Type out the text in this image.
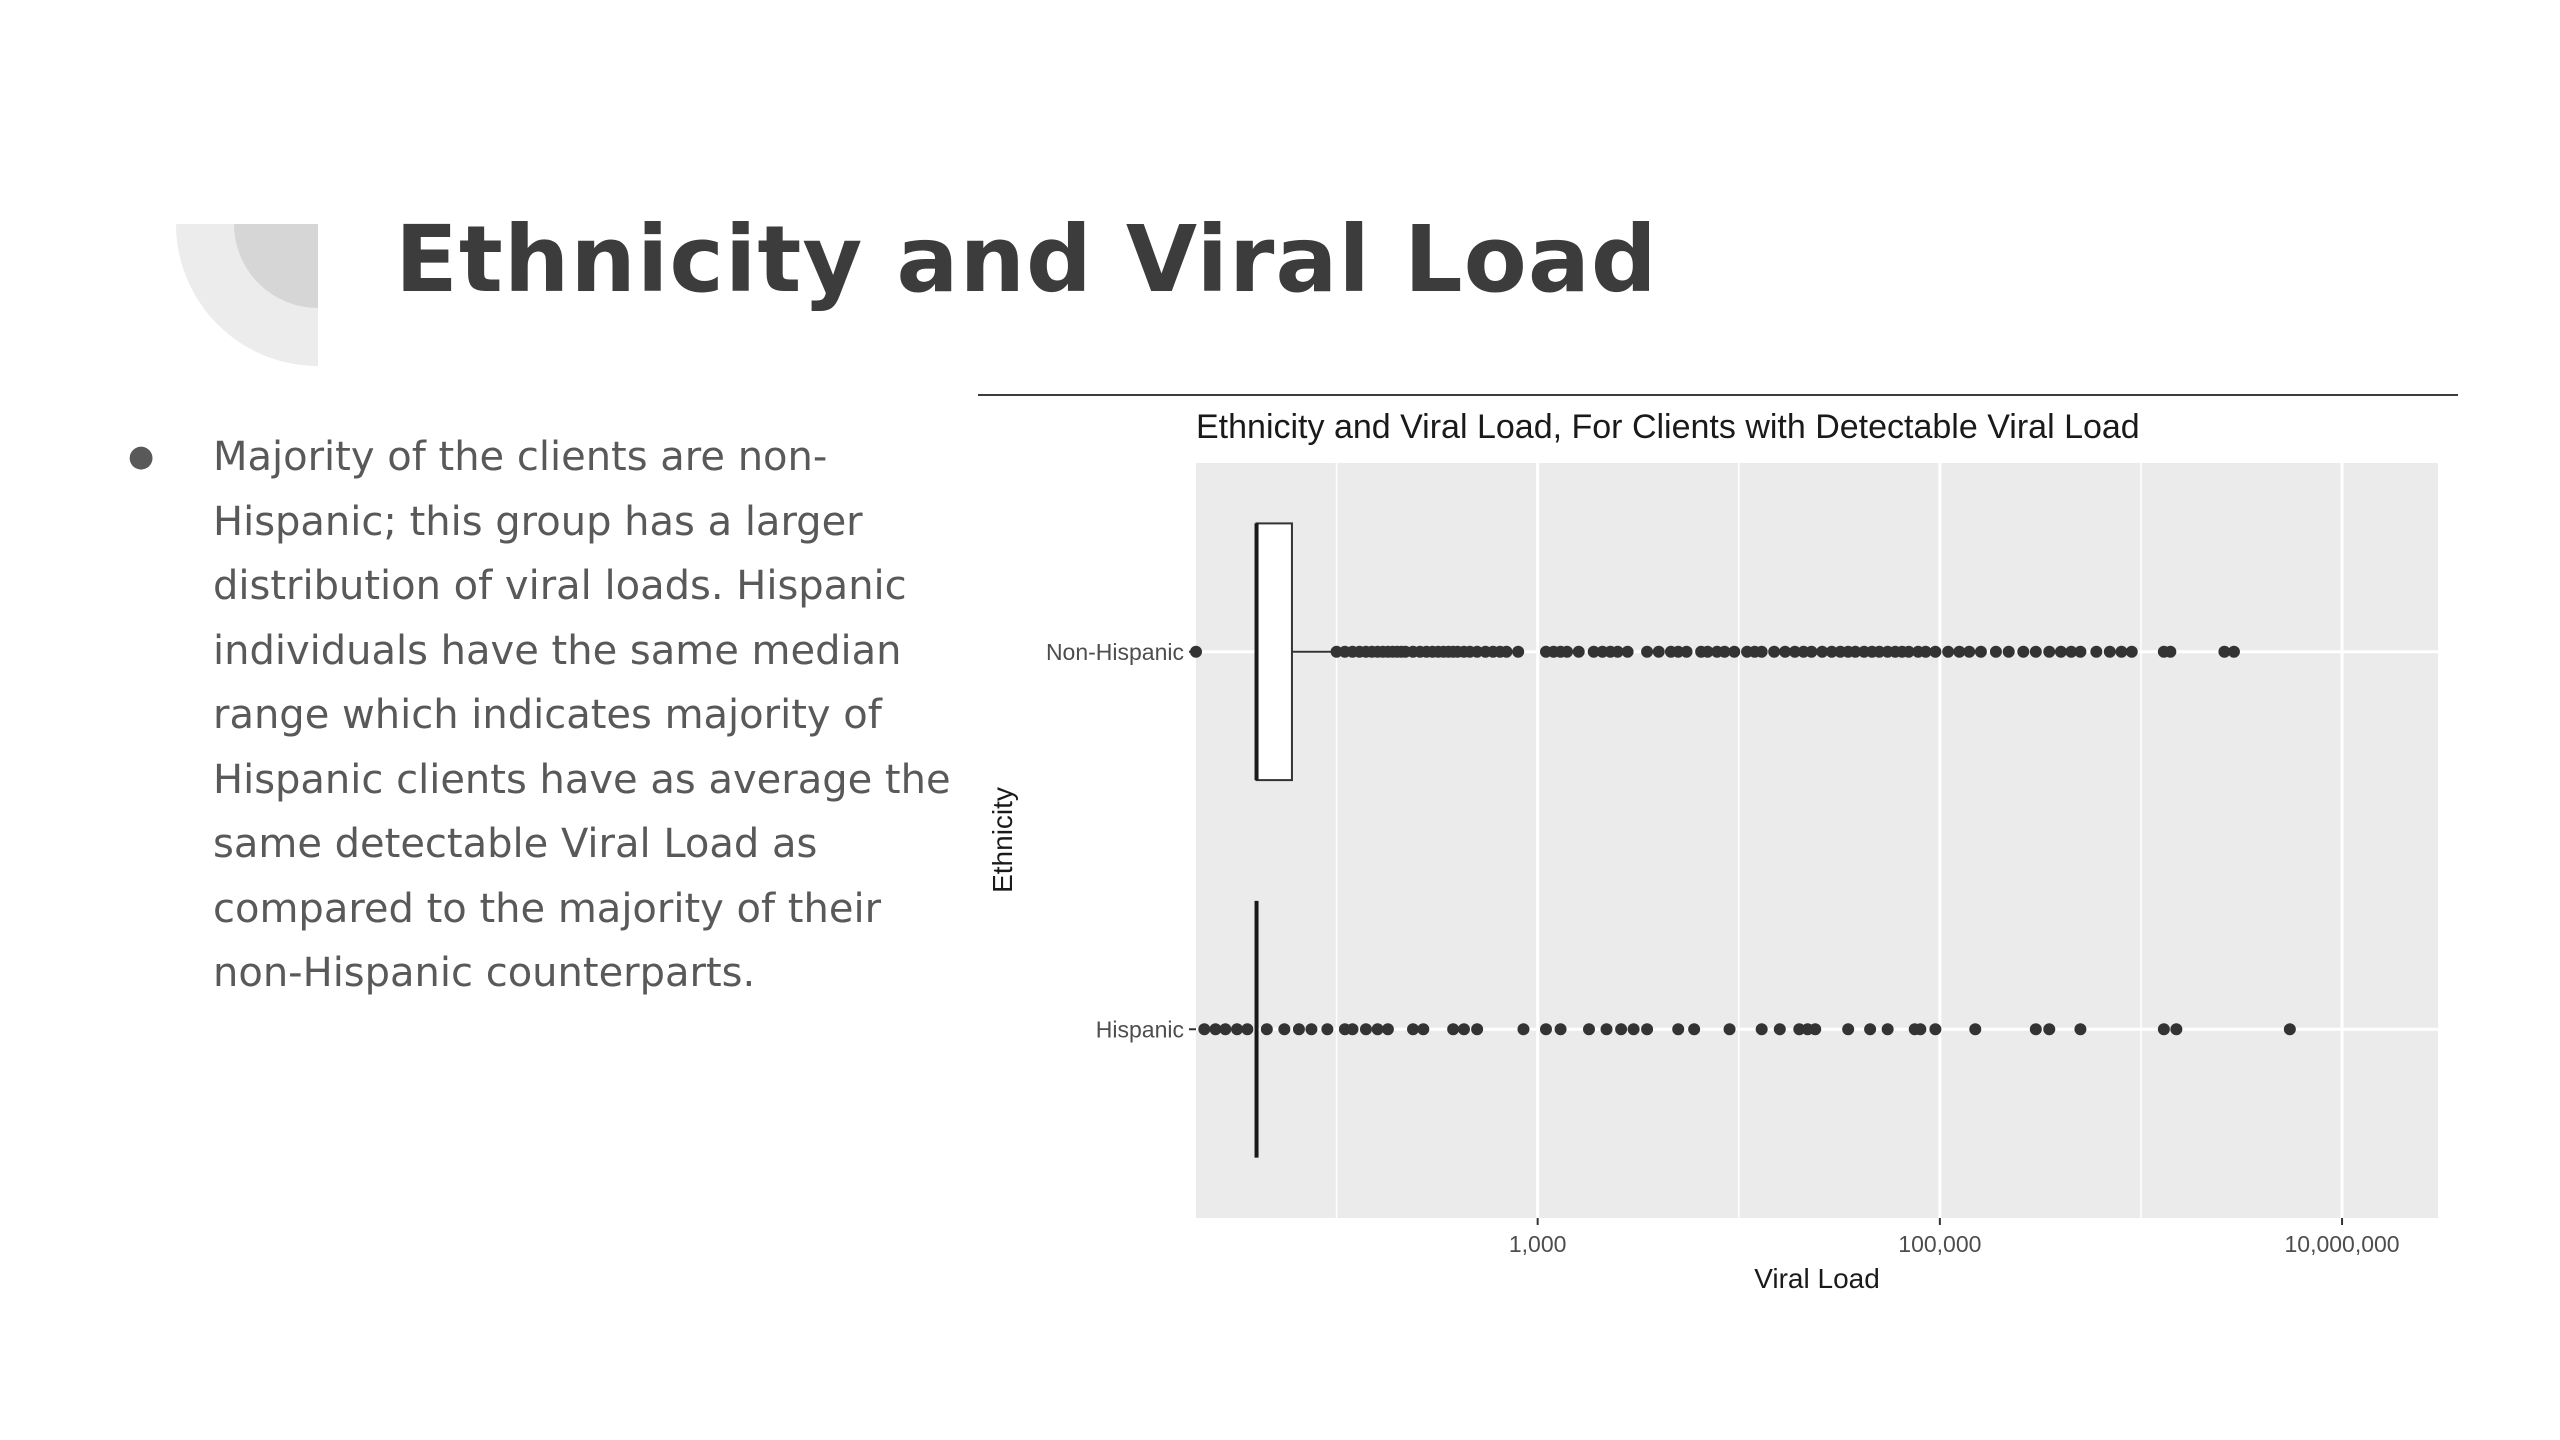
Ethnicity and Viral Load
● Majority of the clients are non-Hispanic; this group has a larger distribution of viral loads. Hispanic individuals have the same median range which indicates majority of Hispanic clients have as average the same detectable Viral Load as compared to the majority of their non-Hispanic counterparts.

Ethnicity and Viral Load, For Clients with Detectable Viral Load
Non-Hispanic
Hispanic
1,000	100,000	10,000,000
Viral Load
Ethnicity
